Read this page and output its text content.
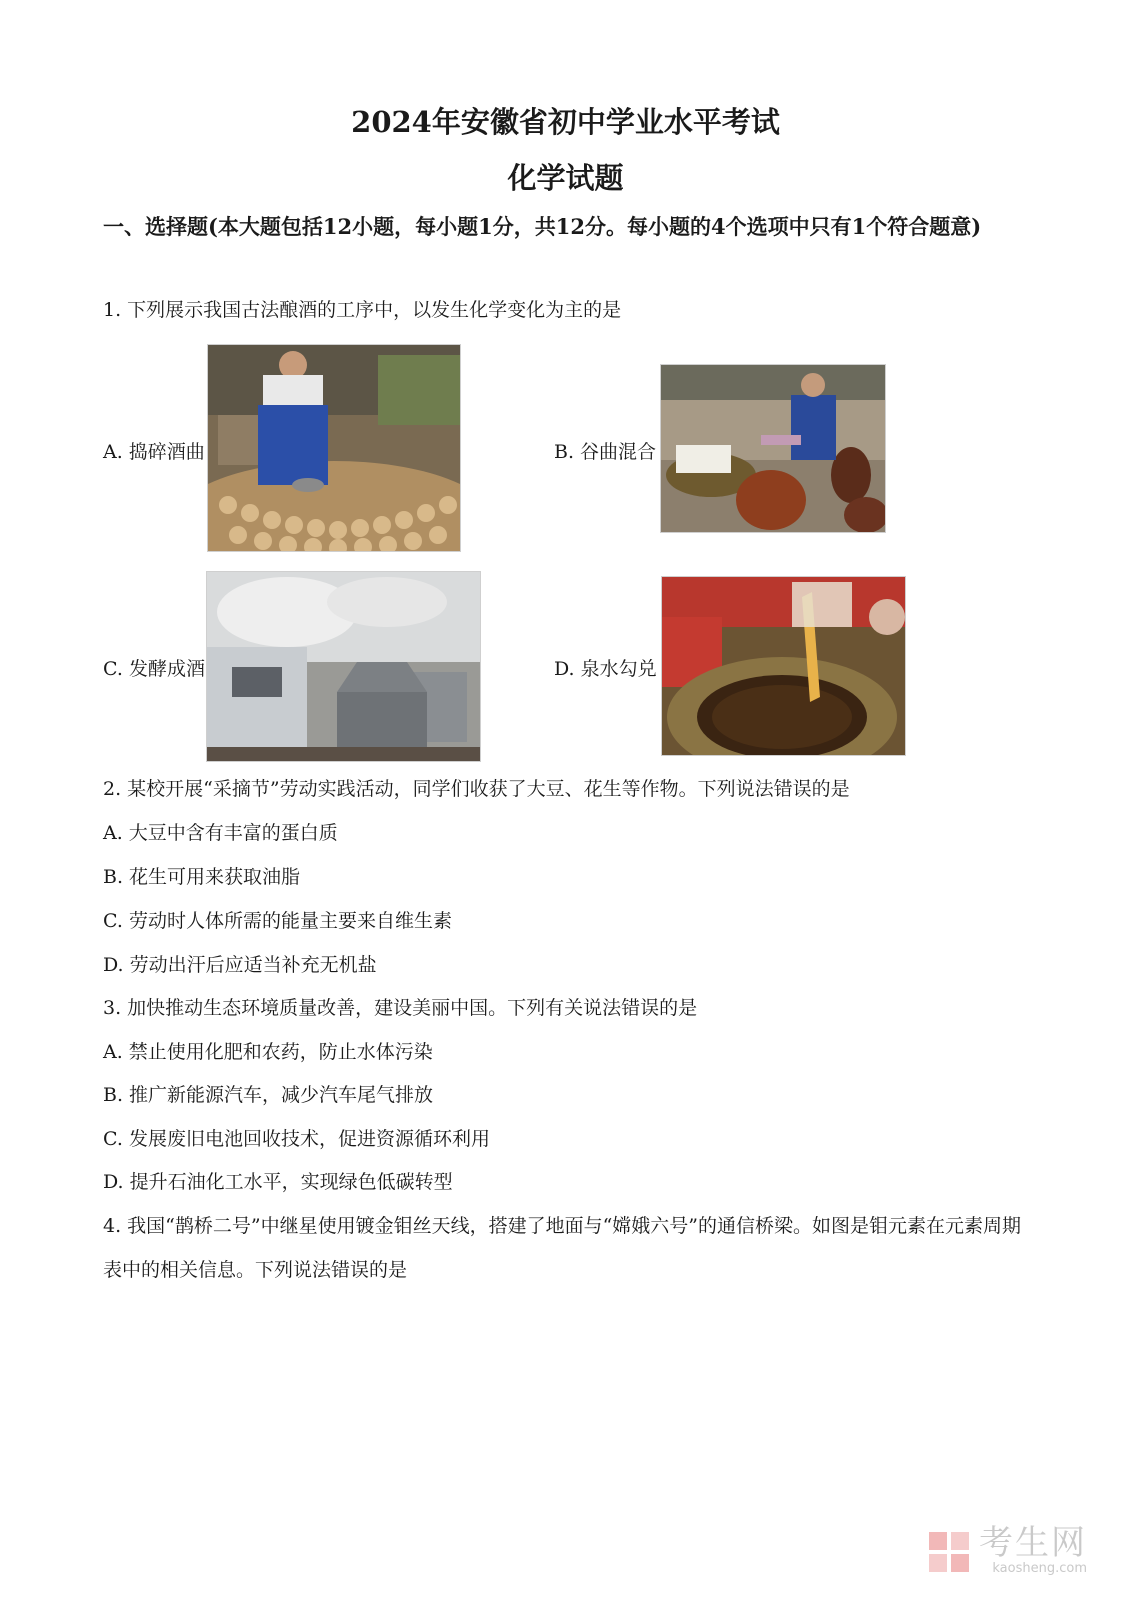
2024年安徽省初中学业水平考试
化学试题
一、选择题(本大题包括12小题，每小题1分，共12分。每小题的4个选项中只有1个符合题意)
1. 下列展示我国古法酿酒的工序中，以发生化学变化为主的是
A. 捣碎酒曲	B. 谷曲混合
C. 发酵成酒	D. 泉水勾兑
2. 某校开展“采摘节”劳动实践活动，同学们收获了大豆、花生等作物。下列说法错误的是
A. 大豆中含有丰富的蛋白质
B. 花生可用来获取油脂
C. 劳动时人体所需的能量主要来自维生素
D. 劳动出汗后应适当补充无机盐
3. 加快推动生态环境质量改善，建设美丽中国。下列有关说法错误的是
A. 禁止使用化肥和农药，防止水体污染
B. 推广新能源汽车，减少汽车尾气排放
C. 发展废旧电池回收技术，促进资源循环利用
D. 提升石油化工水平，实现绿色低碳转型
4. 我国“鹊桥二号”中继星使用镀金钼丝天线，搭建了地面与“嫦娥六号”的通信桥梁。如图是钼元素在元素周期表中的相关信息。下列说法错误的是
考生网
kaosheng.com
